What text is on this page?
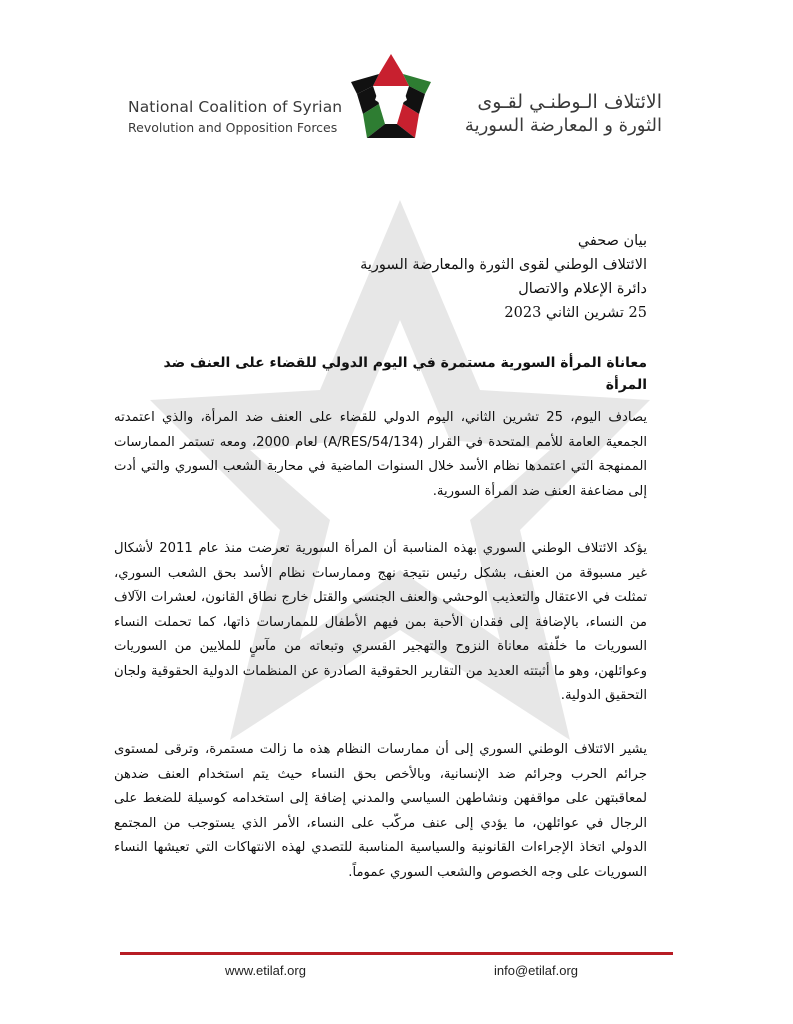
National Coalition of Syrian
Revolution and Opposition Forces
الائتلاف الـوطنـي لقـوى
الثورة و المعارضة السورية
بيان صحفي
الائتلاف الوطني لقوى الثورة والمعارضة السورية
دائرة الإعلام والاتصال
25 تشرين الثاني 2023
معاناة المرأة السورية مستمرة في اليوم الدولي للقضاء على العنف ضد المرأة
يصادف اليوم، 25 تشرين الثاني، اليوم الدولي للقضاء على العنف ضد المرأة، والذي اعتمدته الجمعية العامة للأمم المتحدة في القرار (A/RES/54/134) لعام 2000، ومعه تستمر الممارسات الممنهجة التي اعتمدها نظام الأسد خلال السنوات الماضية في محاربة الشعب السوري والتي أدت إلى مضاعفة العنف ضد المرأة السورية.
يؤكد الائتلاف الوطني السوري بهذه المناسبة أن المرأة السورية تعرضت منذ عام 2011 لأشكال غير مسبوقة من العنف، بشكل رئيس نتيجة نهج وممارسات نظام الأسد بحق الشعب السوري، تمثلت في الاعتقال والتعذيب الوحشي والعنف الجنسي والقتل خارج نطاق القانون، لعشرات الآلاف من النساء، بالإضافة إلى فقدان الأحبة بمن فيهم الأطفال للممارسات ذاتها، كما تحملت النساء السوريات ما خلّفته معاناة النزوح والتهجير القسري وتبعاته من مآسٍ للملايين من السوريات وعوائلهن، وهو ما أثبتته العديد من التقارير الحقوقية الصادرة عن المنظمات الدولية الحقوقية ولجان التحقيق الدولية.
يشير الائتلاف الوطني السوري إلى أن ممارسات النظام هذه ما زالت مستمرة، وترقى لمستوى جرائم الحرب وجرائم ضد الإنسانية، وبالأخص بحق النساء حيث يتم استخدام العنف ضدهن لمعاقبتهن على مواقفهن ونشاطهن السياسي والمدني إضافة إلى استخدامه كوسيلة للضغط على الرجال في عوائلهن، ما يؤدي إلى عنف مركّب على النساء، الأمر الذي يستوجب من المجتمع الدولي اتخاذ الإجراءات القانونية والسياسية المناسبة للتصدي لهذه الانتهاكات التي تعيشها النساء السوريات على وجه الخصوص والشعب السوري عموماً.
www.etilaf.org	info@etilaf.org
